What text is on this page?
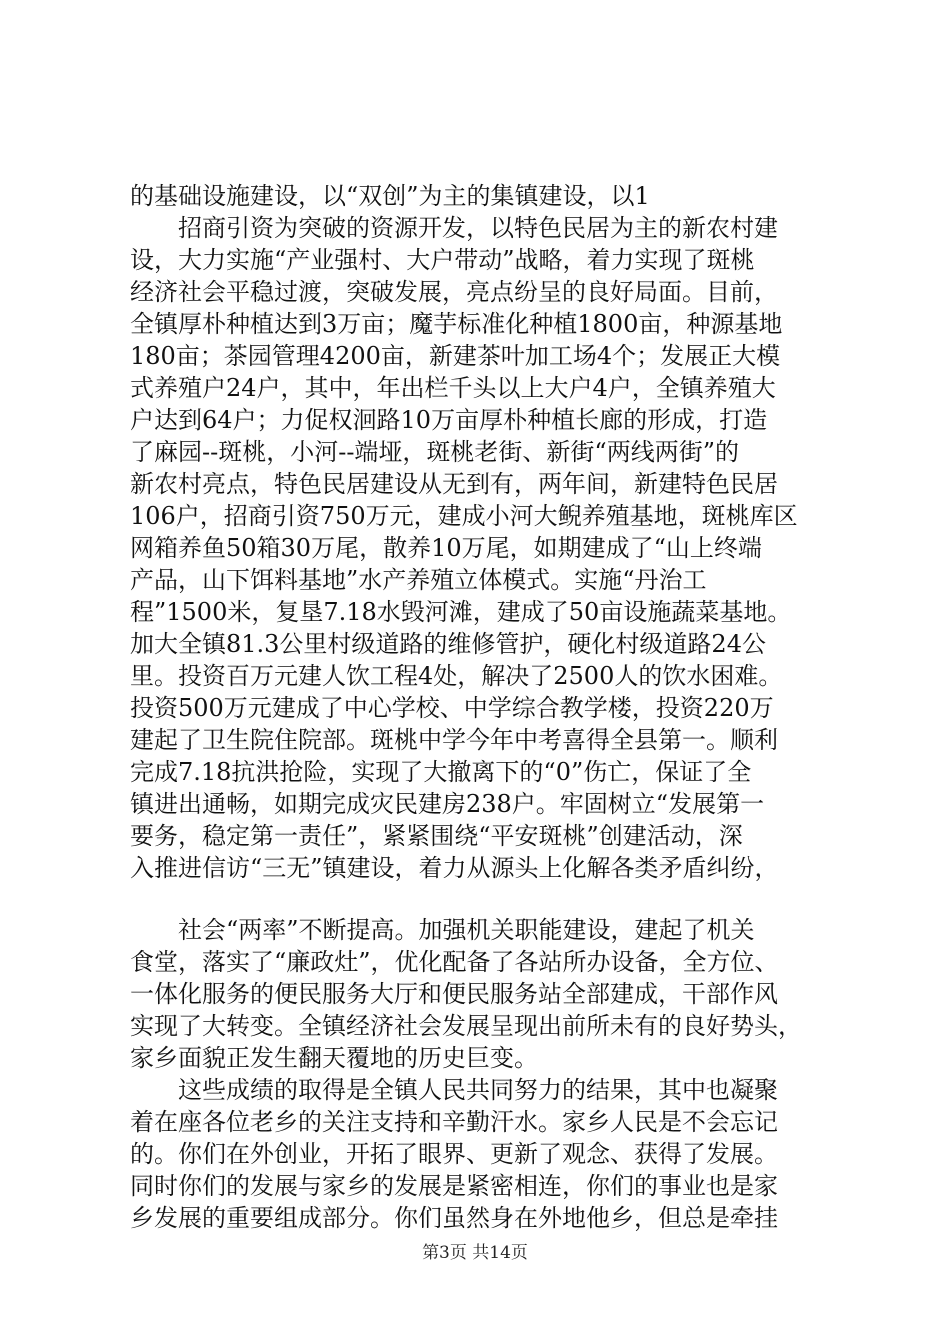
的基础设施建设，以“双创”为主的集镇建设，以1
　　招商引资为突破的资源开发，以特色民居为主的新农村建
设，大力实施“产业强村、大户带动”战略，着力实现了斑桃
经济社会平稳过渡，突破发展，亮点纷呈的良好局面。目前，
全镇厚朴种植达到3万亩；魔芋标准化种植1800亩，种源基地
180亩；茶园管理4200亩，新建茶叶加工场4个；发展正大模
式养殖户24户，其中，年出栏千头以上大户4户，全镇养殖大
户达到64户；力促权洄路10万亩厚朴种植长廊的形成，打造
了麻园--斑桃，小河--端垭，斑桃老街、新街“两线两街”的
新农村亮点，特色民居建设从无到有，两年间，新建特色民居
106户，招商引资750万元，建成小河大鲵养殖基地，斑桃库区
网箱养鱼50箱30万尾，散养10万尾，如期建成了“山上终端
产品，山下饵料基地”水产养殖立体模式。实施“丹治工
程”1500米，复垦7.18水毁河滩，建成了50亩设施蔬菜基地。
加大全镇81.3公里村级道路的维修管护，硬化村级道路24公
里。投资百万元建人饮工程4处，解决了2500人的饮水困难。
投资500万元建成了中心学校、中学综合教学楼，投资220万
建起了卫生院住院部。斑桃中学今年中考喜得全县第一。顺利
完成7.18抗洪抢险，实现了大撤离下的“0”伤亡，保证了全
镇进出通畅，如期完成灾民建房238户。牢固树立“发展第一
要务，稳定第一责任”，紧紧围绕“平安斑桃”创建活动，深
入推进信访“三无”镇建设，着力从源头上化解各类矛盾纠纷，
　　社会“两率”不断提高。加强机关职能建设，建起了机关
食堂，落实了“廉政灶”，优化配备了各站所办设备，全方位、
一体化服务的便民服务大厅和便民服务站全部建成，干部作风
实现了大转变。全镇经济社会发展呈现出前所未有的良好势头，
家乡面貌正发生翻天覆地的历史巨变。
　　这些成绩的取得是全镇人民共同努力的结果，其中也凝聚
着在座各位老乡的关注支持和辛勤汗水。家乡人民是不会忘记
的。你们在外创业，开拓了眼界、更新了观念、获得了发展。
同时你们的发展与家乡的发展是紧密相连，你们的事业也是家
乡发展的重要组成部分。你们虽然身在外地他乡，但总是牵挂
第3页 共14页
